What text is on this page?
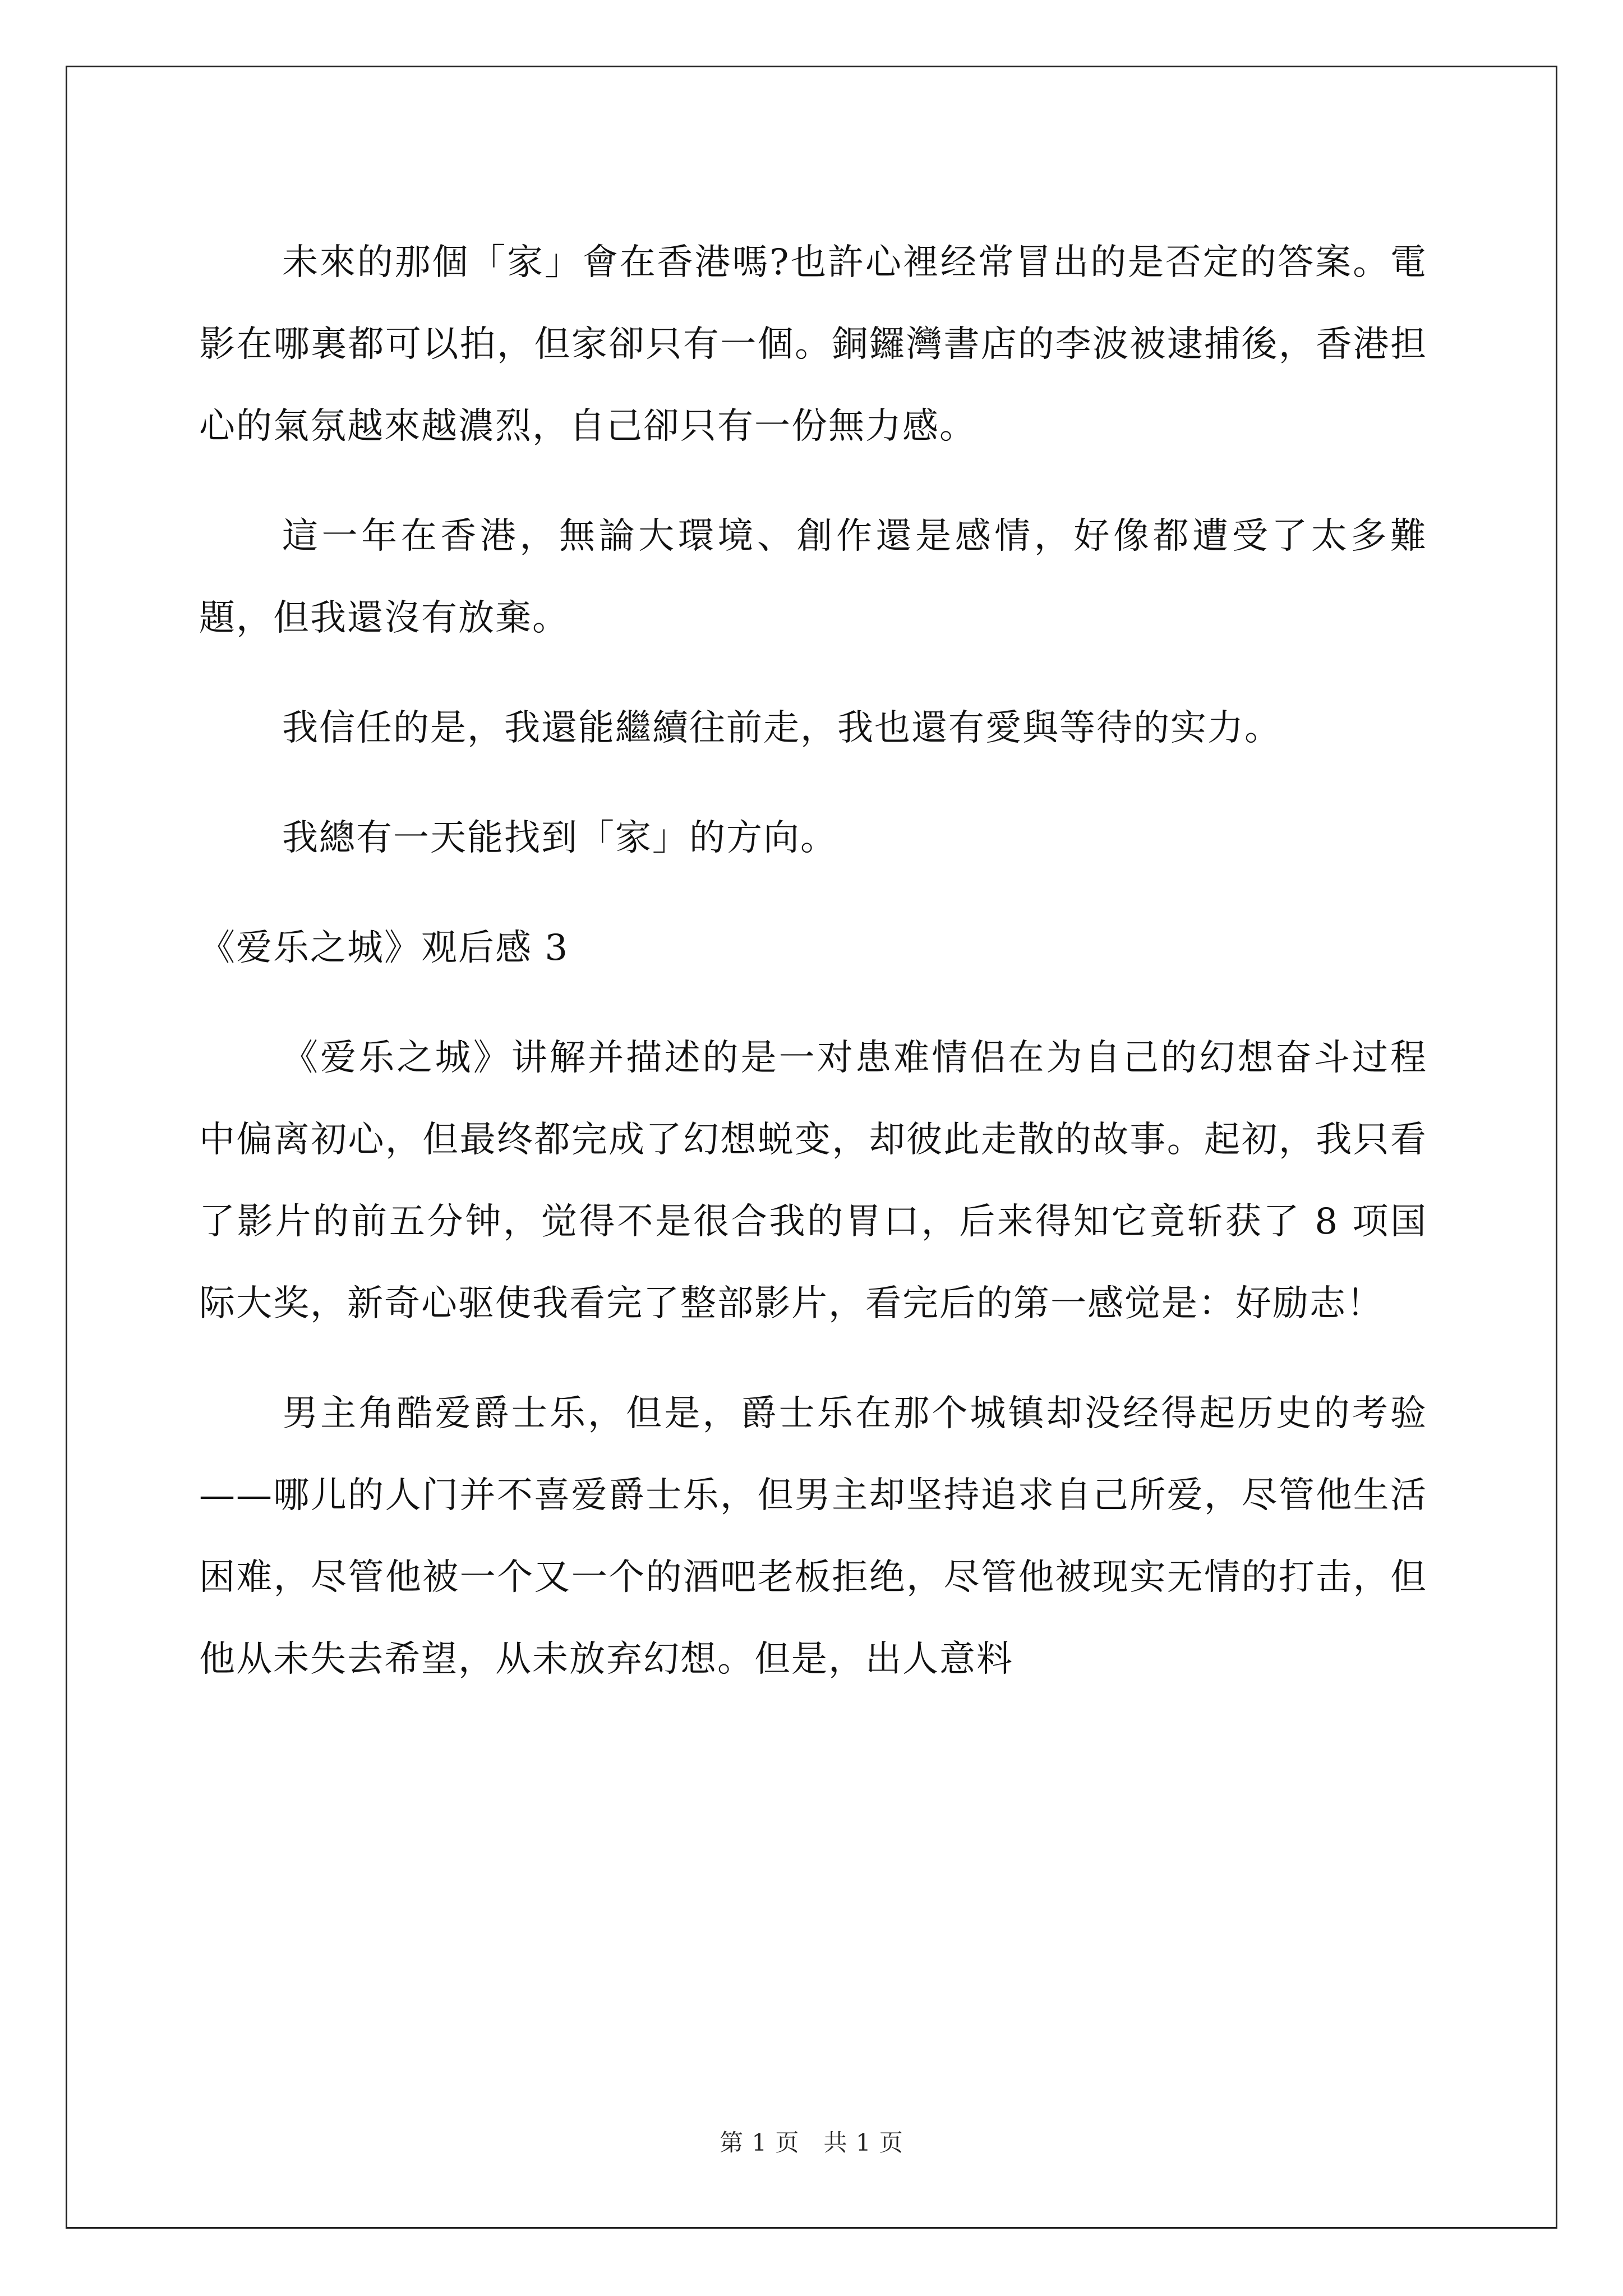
未來的那個「家」會在香港嗎?也許心裡经常冒出的是否定的答案。電影在哪裏都可以拍，但家卻只有一個。銅鑼灣書店的李波被逮捕後，香港担心的氣氛越來越濃烈，自己卻只有一份無力感。

這一年在香港，無論大環境、創作還是感情，好像都遭受了太多難題，但我還沒有放棄。

我信任的是，我還能繼續往前走，我也還有愛與等待的实力。

我總有一天能找到「家」的方向。

《爱乐之城》观后感 3

《爱乐之城》讲解并描述的是一对患难情侣在为自己的幻想奋斗过程中偏离初心，但最终都完成了幻想蜕变，却彼此走散的故事。起初，我只看了影片的前五分钟，觉得不是很合我的胃口，后来得知它竟斩获了 8 项国际大奖，新奇心驱使我看完了整部影片，看完后的第一感觉是：好励志！

男主角酷爱爵士乐，但是，爵士乐在那个城镇却没经得起历史的考验——哪儿的人门并不喜爱爵士乐，但男主却坚持追求自己所爱，尽管他生活困难，尽管他被一个又一个的酒吧老板拒绝，尽管他被现实无情的打击，但他从未失去希望，从未放弃幻想。但是，出人意料

第 1 页　共 1 页
